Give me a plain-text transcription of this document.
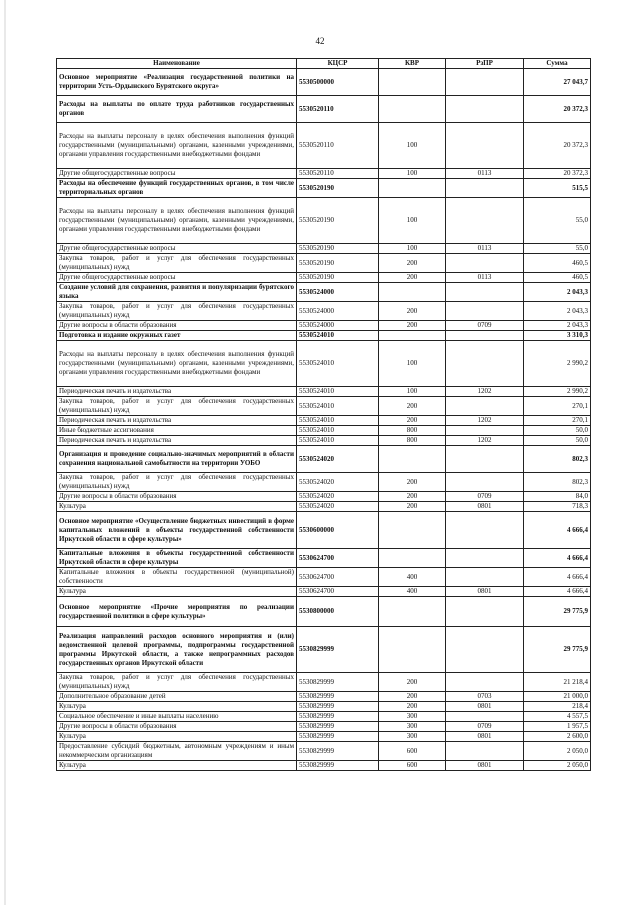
42
Наименование	КЦСР	КВР	РзПР	Сумма
Основное мероприятие «Реализация государственной политики на территории Усть-Ордынского Бурятского округа»	5530500000			27 043,7
Расходы на выплаты по оплате труда работников государственных органов	5530520110			20 372,3
Расходы на выплаты персоналу в целях обеспечения выполнения функций государственными (муниципальными) органами, казенными учреждениями, органами управления государственными внебюджетными фондами	5530520110	100		20 372,3
Другие общегосударственные вопросы	5530520110	100	0113	20 372,3
Расходы на обеспечение функций государственных органов, в том числе территориальных органов	5530520190			515,5
Расходы на выплаты персоналу в целях обеспечения выполнения функций государственными (муниципальными) органами, казенными учреждениями, органами управления государственными внебюджетными фондами	5530520190	100		55,0
Другие общегосударственные вопросы	5530520190	100	0113	55,0
Закупка товаров, работ и услуг для обеспечения государственных (муниципальных) нужд	5530520190	200		460,5
Другие общегосударственные вопросы	5530520190	200	0113	460,5
Создание условий для сохранения, развития и популяризации бурятского языка	5530524000			2 043,3
Закупка товаров, работ и услуг для обеспечения государственных (муниципальных) нужд	5530524000	200		2 043,3
Другие вопросы в области образования	5530524000	200	0709	2 043,3
Подготовка и издание окружных газет	5530524010			3 310,3
Расходы на выплаты персоналу в целях обеспечения выполнения функций государственными (муниципальными) органами, казенными учреждениями, органами управления государственными внебюджетными фондами	5530524010	100		2 990,2
Периодическая печать и издательства	5530524010	100	1202	2 990,2
Закупка товаров, работ и услуг для обеспечения государственных (муниципальных) нужд	5530524010	200		270,1
Периодическая печать и издательства	5530524010	200	1202	270,1
Иные бюджетные ассигнования	5530524010	800		50,0
Периодическая печать и издательства	5530524010	800	1202	50,0
Организация и проведение социально-значимых мероприятий в области сохранения национальной самобытности на территории УОБО	5530524020			802,3
Закупка товаров, работ и услуг для обеспечения государственных (муниципальных) нужд	5530524020	200		802,3
Другие вопросы в области образования	5530524020	200	0709	84,0
Культура	5530524020	200	0801	718,3
Основное мероприятие «Осуществление бюджетных инвестиций в форме капитальных вложений в объекты государственной собственности Иркутской области в сфере культуры»	5530600000			4 666,4
Капитальные вложения в объекты государственной собственности Иркутской области в сфере культуры	5530624700			4 666,4
Капитальные вложения в объекты государственной (муниципальной) собственности	5530624700	400		4 666,4
Культура	5530624700	400	0801	4 666,4
Основное мероприятие «Прочие мероприятия по реализации государственной политики в сфере культуры»	5530800000			29 775,9
Реализация направлений расходов основного мероприятия и (или) ведомственной целевой программы, подпрограммы государственной программы Иркутской области, а также непрограммных расходов государственных органов Иркутской области	5530829999			29 775,9
Закупка товаров, работ и услуг для обеспечения государственных (муниципальных) нужд	5530829999	200		21 218,4
Дополнительное образование детей	5530829999	200	0703	21 000,0
Культура	5530829999	200	0801	218,4
Социальное обеспечение и иные выплаты населению	5530829999	300		4 557,5
Другие вопросы в области образования	5530829999	300	0709	1 957,5
Культура	5530829999	300	0801	2 600,0
Предоставление субсидий бюджетным, автономным учреждениям и иным некоммерческим организациям	5530829999	600		2 050,0
Культура	5530829999	600	0801	2 050,0
